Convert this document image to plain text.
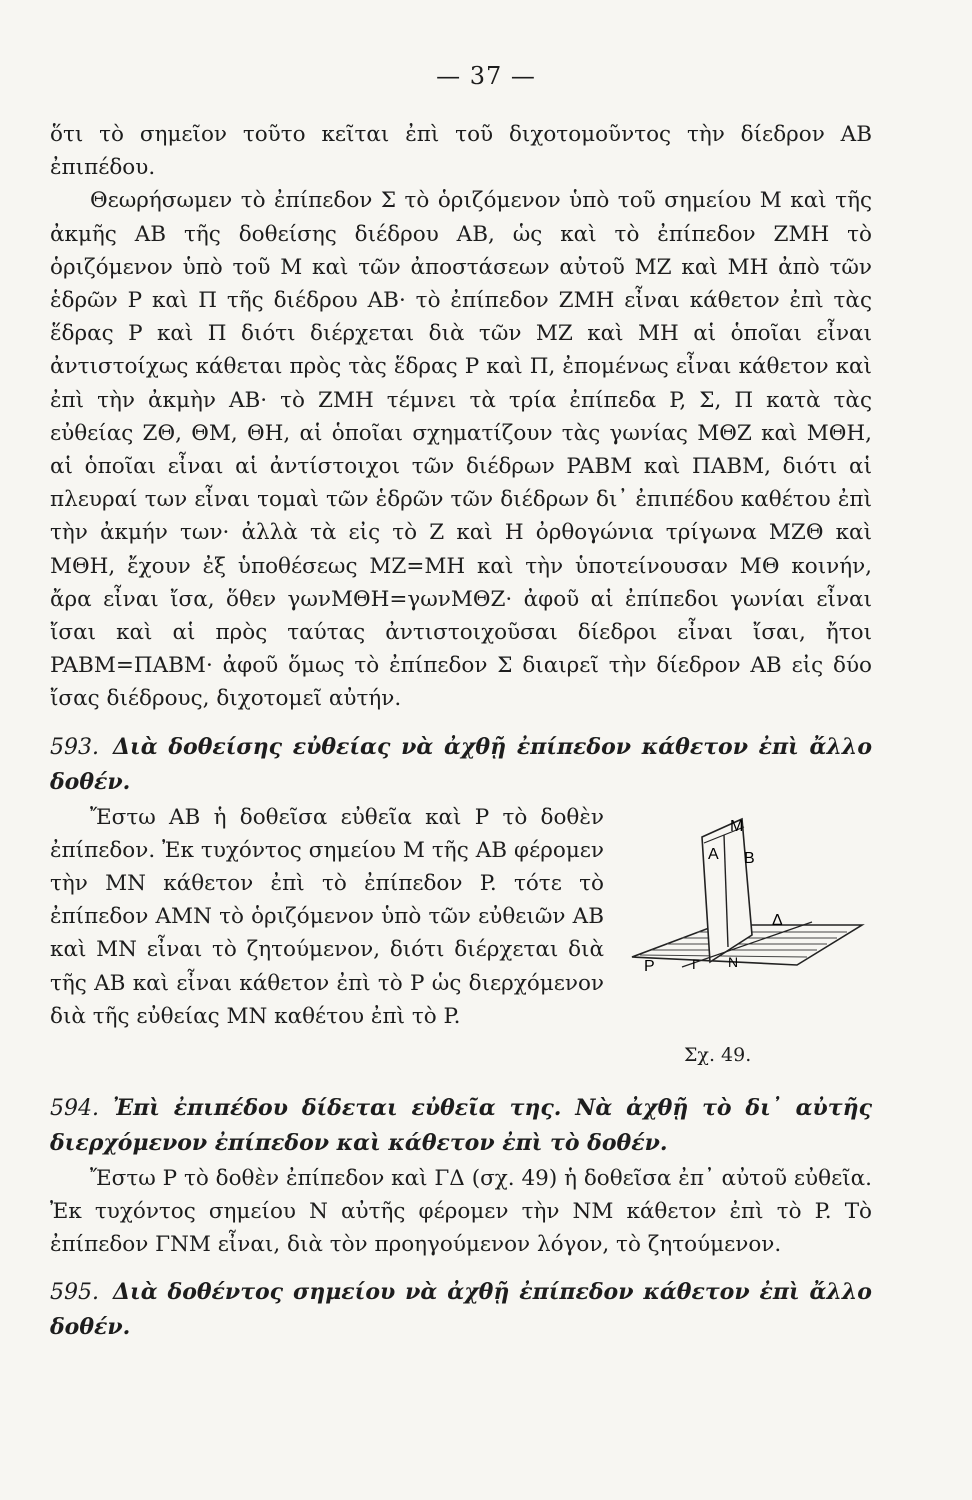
— 37 —

ὅτι τὸ σημεῖον τοῦτο κεῖται ἐπὶ τοῦ διχοτομοῦντος τὴν δίεδρον AB ἐπιπέδου.

Θεωρήσωμεν τὸ ἐπίπεδον Σ τὸ ὁριζόμενον ὑπὸ τοῦ σημείου M καὶ τῆς ἀκμῆς AB τῆς δοθείσης διέδρου AB, ὡς καὶ τὸ ἐπίπεδον ZMH τὸ ὁριζόμενον ὑπὸ τοῦ M καὶ τῶν ἀποστάσεων αὐτοῦ MZ καὶ MH ἀπὸ τῶν ἑδρῶν P καὶ Π τῆς διέδρου AB· τὸ ἐπίπεδον ZMH εἶναι κάθετον ἐπὶ τὰς ἕδρας P καὶ Π διότι διέρχεται διὰ τῶν MZ καὶ MH αἱ ὁποῖαι εἶναι ἀντιστοίχως κάθεται πρὸς τὰς ἕδρας P καὶ Π, ἐπομένως εἶναι κάθετον καὶ ἐπὶ τὴν ἀκμὴν AB· τὸ ZMH τέμνει τὰ τρία ἐπίπεδα P, Σ, Π κατὰ τὰς εὐθείας ZΘ, ΘM, ΘH, αἱ ὁποῖαι σχηματίζουν τὰς γωνίας MΘZ καὶ MΘH, αἱ ὁποῖαι εἶναι αἱ ἀντίστοιχοι τῶν διέδρων PABM καὶ ΠABM, διότι αἱ πλευραί των εἶναι τομαὶ τῶν ἑδρῶν τῶν διέδρων δι᾽ ἐπιπέδου καθέτου ἐπὶ τὴν ἀκμήν των· ἀλλὰ τὰ εἰς τὸ Z καὶ H ὀρθογώνια τρίγωνα MZΘ καὶ MΘH, ἔχουν ἐξ ὑποθέσεως MZ=MH καὶ τὴν ὑποτείνουσαν MΘ κοινήν, ἄρα εἶναι ἴσα, ὅθεν γωνMΘH=γωνMΘZ· ἀφοῦ αἱ ἐπίπεδοι γωνίαι εἶναι ἴσαι καὶ αἱ πρὸς ταύτας ἀντιστοιχοῦσαι δίεδροι εἶναι ἴσαι, ἤτοι PABM=ΠABM· ἀφοῦ ὅμως τὸ ἐπίπεδον Σ διαιρεῖ τὴν δίεδρον AB εἰς δύο ἴσας διέδρους, διχοτομεῖ αὐτήν.

593. Διὰ δοθείσης εὐθείας νὰ ἀχθῇ ἐπίπεδον κάθετον ἐπὶ ἄλλο δοθέν.
A
M
B
Δ
N
Γ
P
Σχ. 49.

Ἔστω AB ἡ δοθεῖσα εὐθεῖα καὶ P τὸ δοθὲν ἐπίπεδον. Ἐκ τυχόντος σημείου M τῆς AB φέρομεν τὴν MN κάθετον ἐπὶ τὸ ἐπίπεδον P. τότε τὸ ἐπίπεδον AMN τὸ ὁριζόμενον ὑπὸ τῶν εὐθειῶν AB καὶ MN εἶναι τὸ ζητούμενον, διότι διέρχεται διὰ τῆς AB καὶ εἶναι κάθετον ἐπὶ τὸ P ὡς διερχόμενον διὰ τῆς εὐθείας MN καθέτου ἐπὶ τὸ P.

594. Ἐπὶ ἐπιπέδου δίδεται εὐθεῖα της. Νὰ ἀχθῇ τὸ δι᾽ αὐτῆς διερχόμενον ἐπίπεδον καὶ κάθετον ἐπὶ τὸ δοθέν.

Ἔστω P τὸ δοθὲν ἐπίπεδον καὶ ΓΔ (σχ. 49) ἡ δοθεῖσα ἐπ᾽ αὐτοῦ εὐθεῖα. Ἐκ τυχόντος σημείου N αὐτῆς φέρομεν τὴν NM κάθετον ἐπὶ τὸ P. Τὸ ἐπίπεδον ΓNM εἶναι, διὰ τὸν προηγούμενον λόγον, τὸ ζητούμενον.

595. Διὰ δοθέντος σημείου νὰ ἀχθῇ ἐπίπεδον κάθετον ἐπὶ ἄλλο δοθέν.
